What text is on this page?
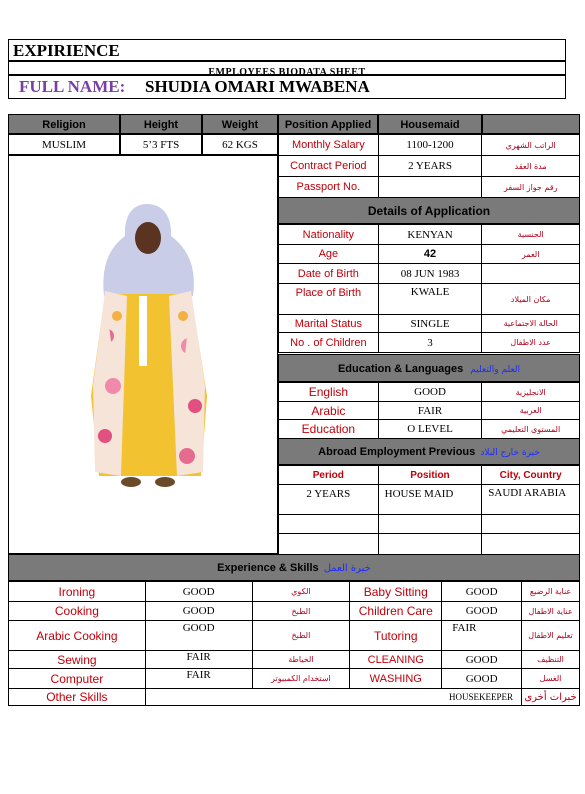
EXPIRIENCE
EMPLOYEES BIODATA SHEET
FULL NAME: SHUDIA OMARI MWABENA
Religion	Height	Weight	Position Applied	Housemaid
MUSLIM	5’3 FTS	62 KGS	Monthly Salary	1100-1200	الراتب الشهري
Contract Period	2 YEARS	مدة العقد
Passport No.		رقم جواز السفر
Details of Application
Nationality	KENYAN	الجنسية
Age	42	العمر
Date of Birth	08 JUN 1983	
Place of Birth	KWALE	مكان الميلاد
Marital Status	SINGLE	الحالة الاجتماعية
No . of Children	3	عدد الاطفال
Education & Languages العلم والتعليم
English	GOOD	الانجليزية
Arabic	FAIR	العربية
Education	O LEVEL	المستوى التعليمي
Abroad Employment Previous خبرة خارج البلاد
Period	Position	City, Country
2 YEARS	HOUSE MAID	SAUDI ARABIA

Experience & Skills خبرة العمل
Ironing	GOOD	الكوي	Baby Sitting	GOOD	عناية الرضيع
Cooking	GOOD	الطبخ	Children Care	GOOD	عناية الاطفال
Arabic Cooking	GOOD	الطبخ	Tutoring	FAIR	تعليم الاطفال
Sewing	FAIR	الخياطة	CLEANING	GOOD	التنظيف
Computer	FAIR	استخدام الكمبيوتر	WASHING	GOOD	الغسل
Other Skills	HOUSEKEEPER				خبرات أخرى
